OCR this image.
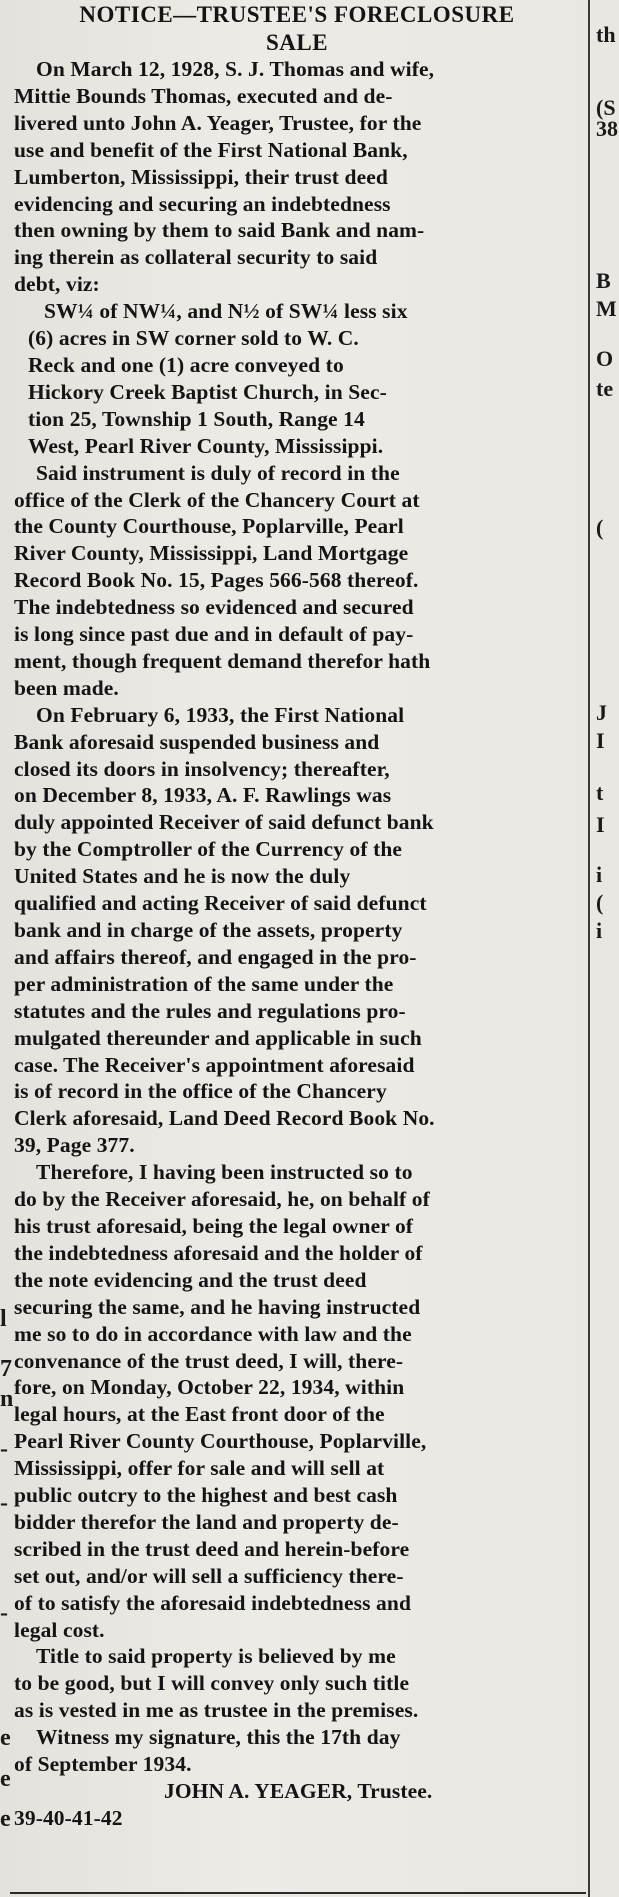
NOTICE—TRUSTEE'S FORECLOSURE

SALE

On March 12, 1928, S. J. Thomas and wife,

Mittie Bounds Thomas, executed and de-

livered unto John A. Yeager, Trustee, for the

use and benefit of the First National Bank,

Lumberton, Mississippi, their trust deed

evidencing and securing an indebtedness

then owning by them to said Bank and nam-

ing therein as collateral security to said

debt, viz:

SW¼ of NW¼, and N½ of SW¼ less six

(6) acres in SW corner sold to W. C.

Reck and one (1) acre conveyed to

Hickory Creek Baptist Church, in Sec-

tion 25, Township 1 South, Range 14

West, Pearl River County, Mississippi.

Said instrument is duly of record in the

office of the Clerk of the Chancery Court at

the County Courthouse, Poplarville, Pearl

River County, Mississippi, Land Mortgage

Record Book No. 15, Pages 566-568 thereof.

The indebtedness so evidenced and secured

is long since past due and in default of pay-

ment, though frequent demand therefor hath

been made.

On February 6, 1933, the First National

Bank aforesaid suspended business and

closed its doors in insolvency; thereafter,

on December 8, 1933, A. F. Rawlings was

duly appointed Receiver of said defunct bank

by the Comptroller of the Currency of the

United States and he is now the duly

qualified and acting Receiver of said defunct

bank and in charge of the assets, property

and affairs thereof, and engaged in the pro-

per administration of the same under the

statutes and the rules and regulations pro-

mulgated thereunder and applicable in such

case. The Receiver's appointment aforesaid

is of record in the office of the Chancery

Clerk aforesaid, Land Deed Record Book No.

39, Page 377.

Therefore, I having been instructed so to

do by the Receiver aforesaid, he, on behalf of

his trust aforesaid, being the legal owner of

the indebtedness aforesaid and the holder of

the note evidencing and the trust deed

securing the same, and he having instructed

me so to do in accordance with law and the

convenance of the trust deed, I will, there-

fore, on Monday, October 22, 1934, within

legal hours, at the East front door of the

Pearl River County Courthouse, Poplarville,

Mississippi, offer for sale and will sell at

public outcry to the highest and best cash

bidder therefor the land and property de-

scribed in the trust deed and herein-before

set out, and/or will sell a sufficiency there-

of to satisfy the aforesaid indebtedness and

legal cost.

Title to said property is believed by me

to be good, but I will convey only such title

as is vested in me as trustee in the premises.

Witness my signature, this the 17th day

of September 1934.

JOHN A. YEAGER, Trustee.

39-40-41-42

th
(S
38
B
M
O
te
(
J
I
t
I
i
(
i
l
7
n
-
-
-
e
e
e
